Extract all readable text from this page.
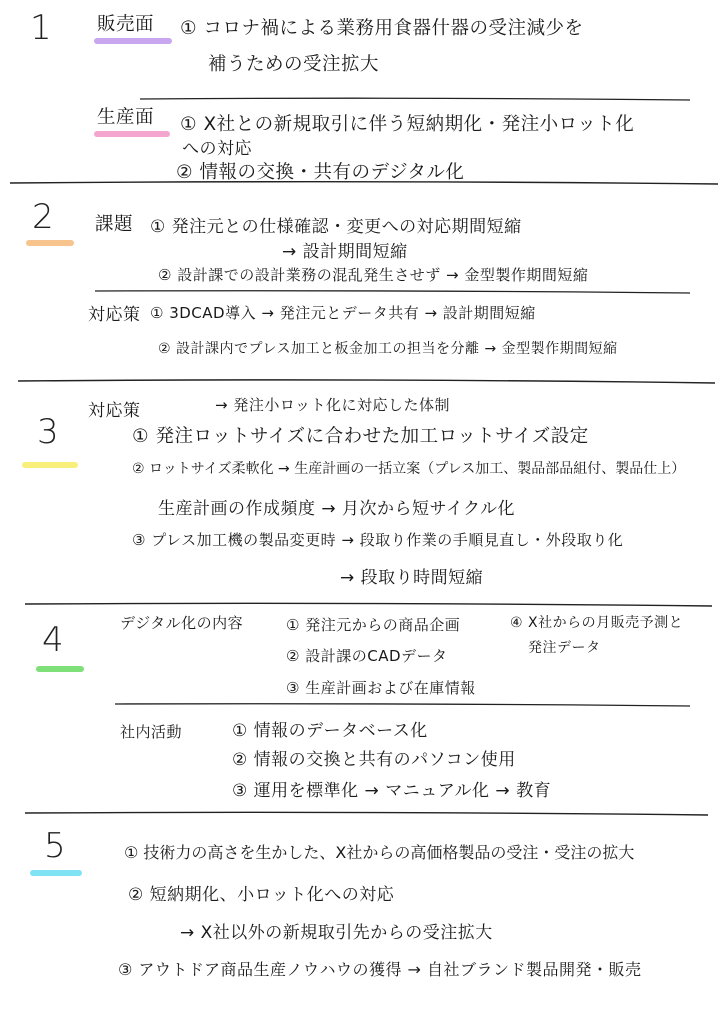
1 販売面 ① コロナ禍による業務用食器什器の受注減少を
補うための受注拡大
生産面 ① X社との新規取引に伴う短納期化・発注小ロット化
への対応
② 情報の交換・共有のデジタル化
2 課題 ① 発注元との仕様確認・変更への対応期間短縮
→ 設計期間短縮
② 設計課での設計業務の混乱発生させず → 金型製作期間短縮
対応策 ① 3DCAD導入 → 発注元とデータ共有 → 設計期間短縮
② 設計課内でプレス加工と板金加工の担当を分離 → 金型製作期間短縮
3
対応策	→ 発注小ロット化に対応した体制
① 発注ロットサイズに合わせた加工ロットサイズ設定
② ロットサイズ柔軟化 → 生産計画の一括立案（プレス加工、製品部品組付、製品仕上）
生産計画の作成頻度 → 月次から短サイクル化
③ プレス加工機の製品変更時 → 段取り作業の手順見直し・外段取り化
→ 段取り時間短縮
4	デジタル化の内容	① 発注元からの商品企画
② 設計課のCADデータ
③ 生産計画および在庫情報
④ X社からの月販売予測と
発注データ
社内活動	① 情報のデータベース化
② 情報の交換と共有のパソコン使用
③ 運用を標準化 → マニュアル化 → 教育
5	① 技術力の高さを生かした、X社からの高価格製品の受注・受注の拡大
② 短納期化、小ロット化への対応
→ X社以外の新規取引先からの受注拡大
③ アウトドア商品生産ノウハウの獲得 → 自社ブランド製品開発・販売
